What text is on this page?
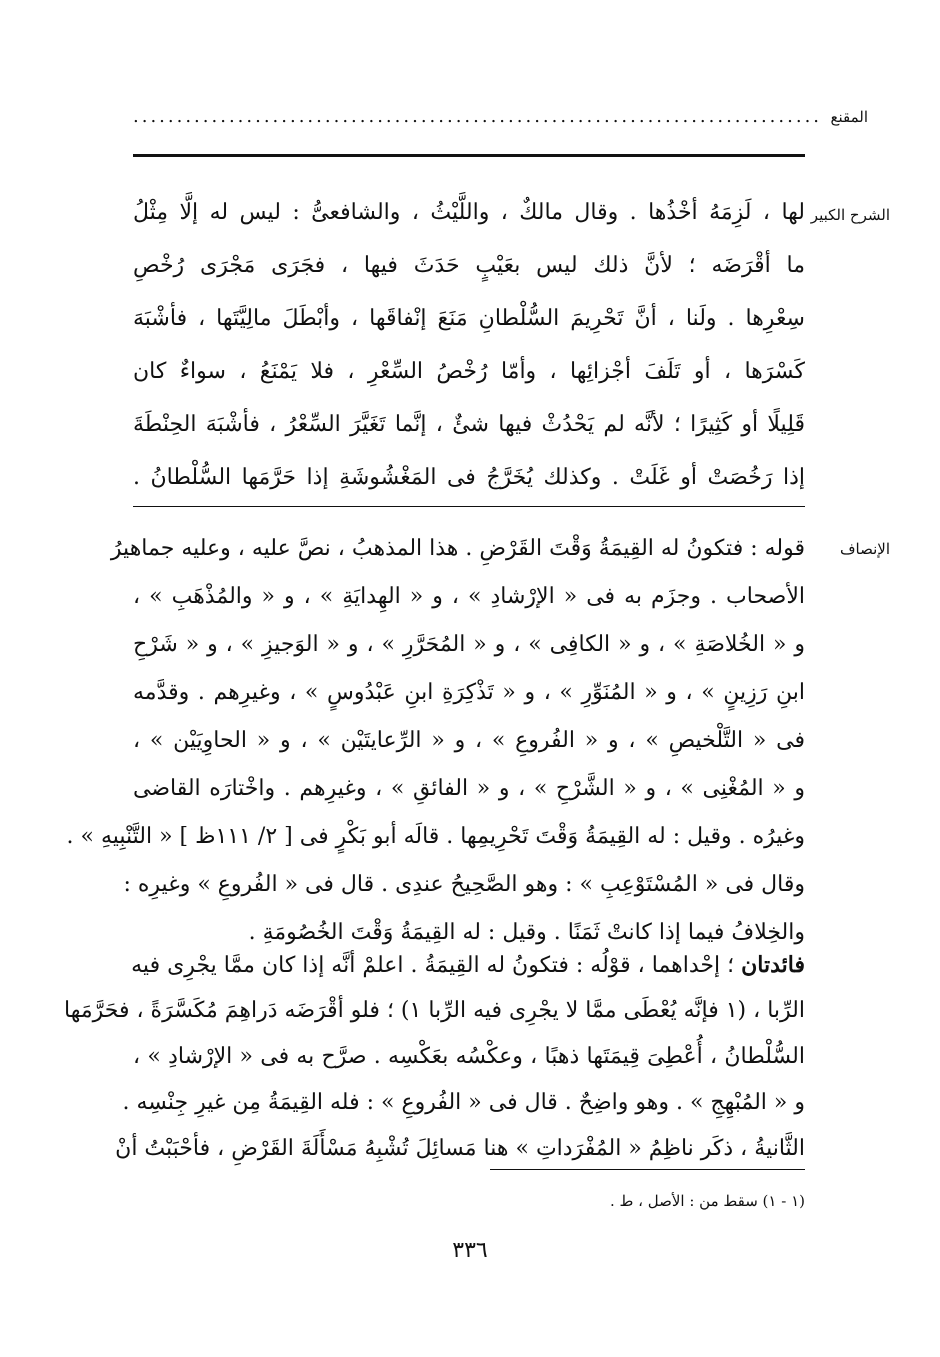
المقنع
...............................................................................
الشرح الكبير
لها ، لَزِمَهُ أخْذُها . وقال مالكٌ ، واللَّيْثُ ، والشافعىُّ : ليس له إلَّا مِثْلُ
ما أقْرَضَه ؛ لأنَّ ذلك ليس بعَيْبٍ حَدَثَ فيها ، فجَرَى مَجْرَى رُخْصِ
سِعْرِها . ولَنا ، أنَّ تَحْرِيمَ السُّلْطانِ مَنَعَ إنْفاقَها ، وأبْطَلَ مالِيَّتَها ، فأشْبَهَ
كَسْرَها ، أو تَلَفَ أجْزائِها ، وأمّا رُخْصُ السِّعْرِ ، فلا يَمْنَعُ ، سواءٌ كان
قَلِيلًا أو كَثِيرًا ؛ لأنَّه لم يَحْدُثْ فيها شئٌ ، إنَّما تَغَيَّرَ السِّعْرُ ، فأشْبَهَ الحِنْطَةَ
إذا رَخُصَتْ أو غَلَتْ . وكذلك يُخَرَّجُ فى المَغْشُوشَةِ إذا حَرَّمَها السُّلْطانُ .
الإنصاف
قوله : فتكونُ له القِيمَةُ وَقْتَ القَرْضِ . هذا المذهبُ ، نصَّ عليه ، وعليه جماهيرُ
الأصحاب . وجزَم به فى « الإرْشادِ » ، و « الهِدايَةِ » ، و « والمُذْهَبِ » ،
و « الخُلاصَةِ » ، و « الكافِى » ، و « المُحَرَّرِ » ، و « الوَجيزِ » ، و « شَرْحِ
ابنِ رَزِينٍ » ، و « المُنَوِّرِ » ، و « تَذْكِرَةِ ابنِ عَبْدُوسٍ » ، وغيرِهم . وقدَّمه
فى « التَّلْخيصِ » ، و « الفُروعِ » ، و « الرِّعايتَيْن » ، و « الحاوِيَيْن » ،
و « المُغْنِى » ، و « الشَّرْحِ » ، و « الفائقِ » ، وغيرِهم . واخْتارَه القاضى
وغيرُه . وقيل : له القِيمَةُ وَقْتَ تَحْرِيمِها . قالَه أبو بَكْرٍ فى [ ٢/ ١١١ظ ] « التَّنْبِيهِ » .
وقال فى « المُسْتَوْعِبِ » : وهو الصَّحِيحُ عندِى . قال فى « الفُروعِ » وغيرِه :
والخِلافُ فيما إذا كانتْ ثَمَنًا . وقيل : له القِيمَةُ وَقْتَ الخُصُومَةِ .
فائدتان ؛ إحْداهما ، قوْلُه : فتكونُ له القِيمَةُ . اعلمْ أنَّه إذا كان ممَّا يجْرِى فيه
الرِّبا ، (١ فإنَّه يُعْطَى ممَّا لا يجْرِى فيه الرِّبا ١) ؛ فلو أقْرَضَه دَراهِمَ مُكَسَّرَةً ، فحَرَّمَها
السُّلْطانُ ، أُعْطِىَ قِيمَتَها ذهبًا ، وعكْسُه بعَكْسِه . صرَّح به فى « الإرْشادِ » ،
و « المُبْهِجِ » . وهو واضِحٌ . قال فى « الفُروعِ » : فله القِيمَةُ مِن غيرِ جِنْسِه .
الثَّانيةُ ، ذكَر ناظِمُ « المُفْرَداتِ » هنا مَسائِلَ تُشْبِهُ مَسْأَلَةَ القَرْضِ ، فأحْبَبْتُ أنْ
(١ - ١) سقط من : الأصل ، ط .
٣٣٦
